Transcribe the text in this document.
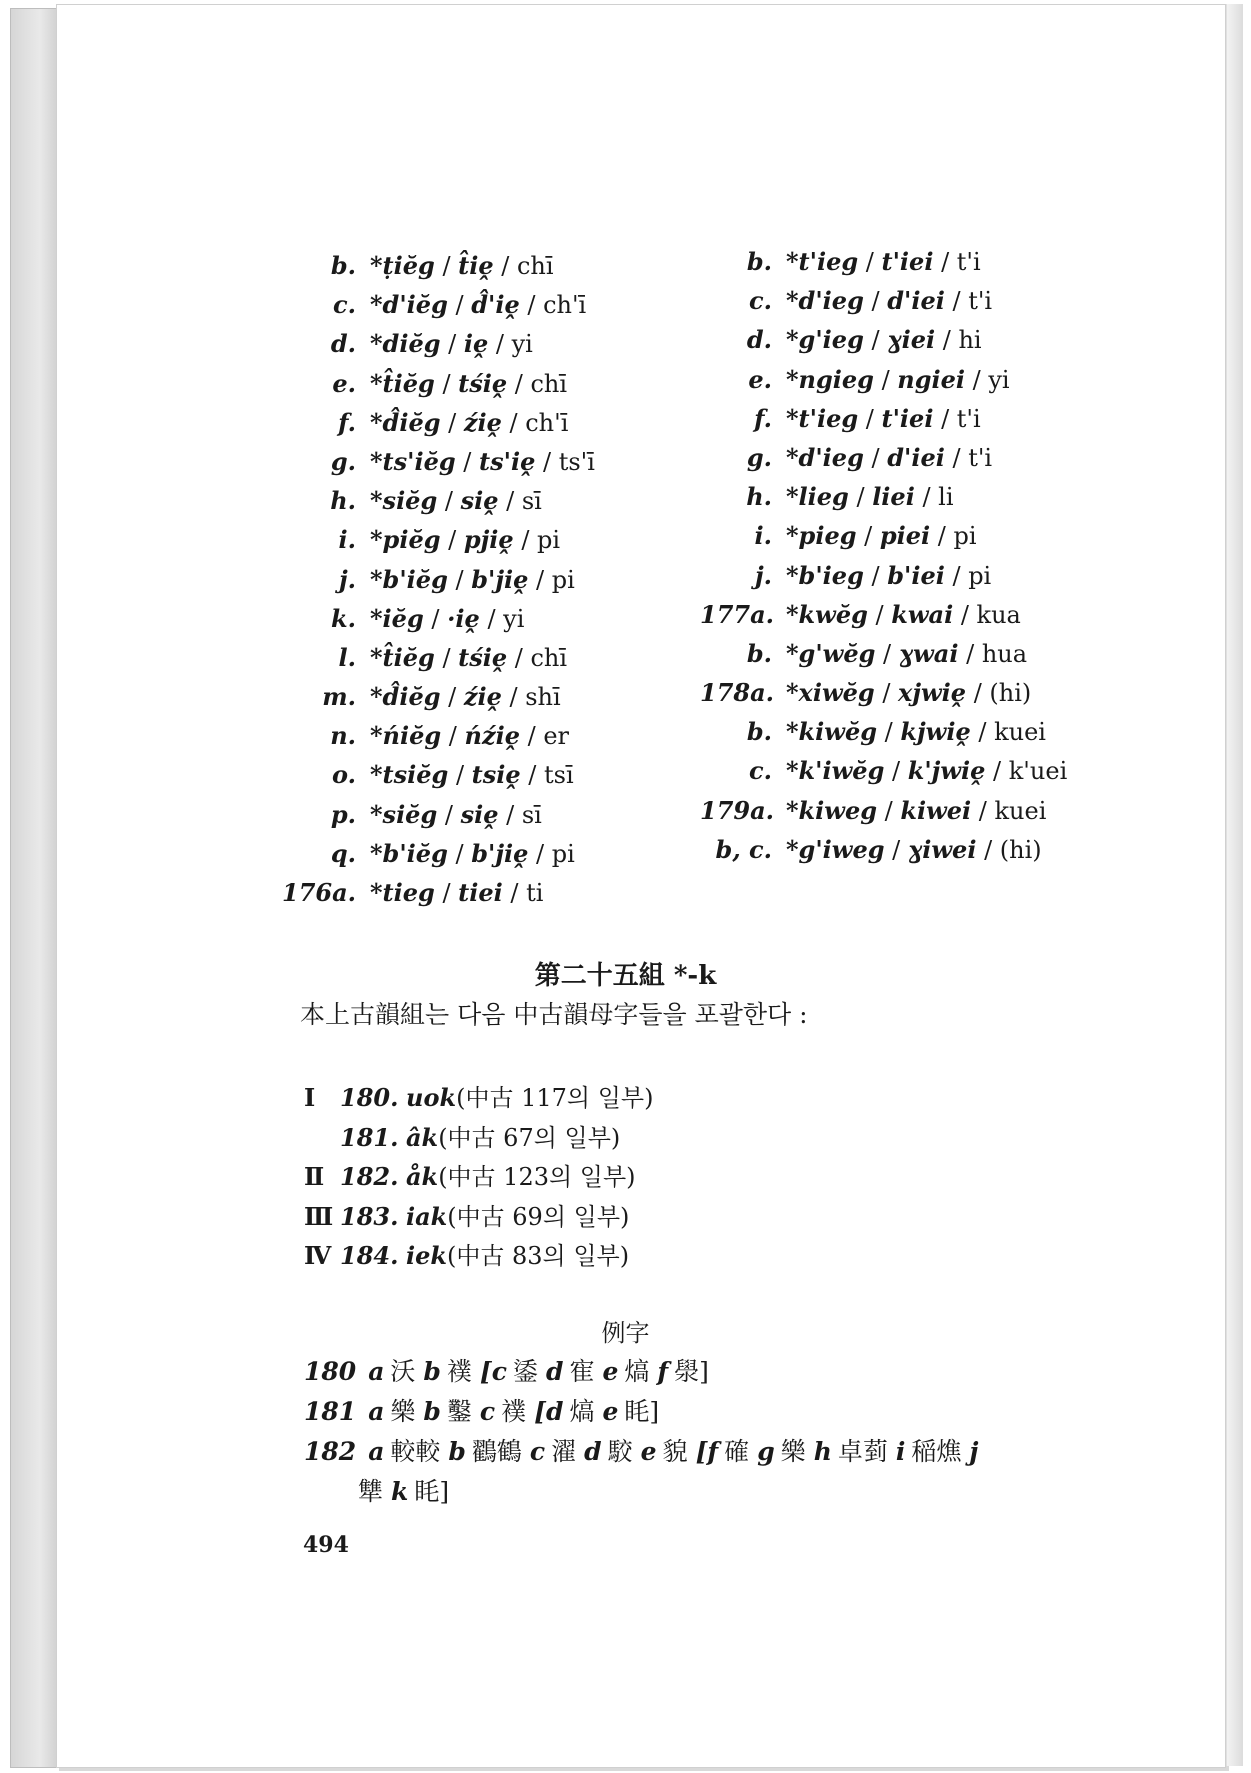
b. *ṭiĕg / t̂iḙ / chī
c. *d'iĕg / d̂'iḙ / ch'ī
d. *diĕg / iḙ / yi
e. *t̂iĕg / tśiḙ / chī
f. *d̂iĕg / źiḙ / ch'ī
g. *ts'iĕg / ts'iḙ / ts'ī
h. *siĕg / siḙ / sī
i. *piĕg / pjiḙ / pi
j. *b'iĕg / b'jiḙ / pi
k. *iĕg / ·iḙ / yi
l. *t̂iĕg / tśiḙ / chī
m. *d̂iĕg / źiḙ / shī
n. *ńiĕg / ńźiḙ / er
o. *tsiĕg / tsiḙ / tsī
p. *siĕg / siḙ / sī
q. *b'iĕg / b'jiḙ / pi
176a. *tieg / tiei / ti
b. *t'ieg / t'iei / t'i
c. *d'ieg / d'iei / t'i
d. *g'ieg / ɣiei / hi
e. *ngieg / ngiei / yi
f. *t'ieg / t'iei / t'i
g. *d'ieg / d'iei / t'i
h. *lieg / liei / li
i. *pieg / piei / pi
j. *b'ieg / b'iei / pi
177a. *kwĕg / kwai / kua
b. *g'wĕg / ɣwai / hua
178a. *xiwĕg / xjwiḙ / (hi)
b. *kiwĕg / kjwiḙ / kuei
c. *k'iwĕg / k'jwiḙ / k'uei
179a. *kiweg / kiwei / kuei
b, c. *g'iweg / ɣiwei / (hi)
第二十五組 *-k
本上古韻組는 다음 中古韻母字들을 포괄한다 :
I 180. uok(中古 117의 일부)
181. âk(中古 67의 일부)
Ⅱ 182. åk(中古 123의 일부)
Ⅲ 183. iak(中古 69의 일부)
Ⅳ 184. iek(中古 83의 일부)
例字
180 a 沃 b 襆 [c 鋈 d 寉 e 熇 f 澩]
181 a 樂 b 鑿 c 襆 [d 熇 e 眊]
182 a 較較 b 鸐鶴 c 濯 d 駮 e 貌 [f 確 g 樂 h 卓菿 i 稲燋 j
犨 k 眊]
494
